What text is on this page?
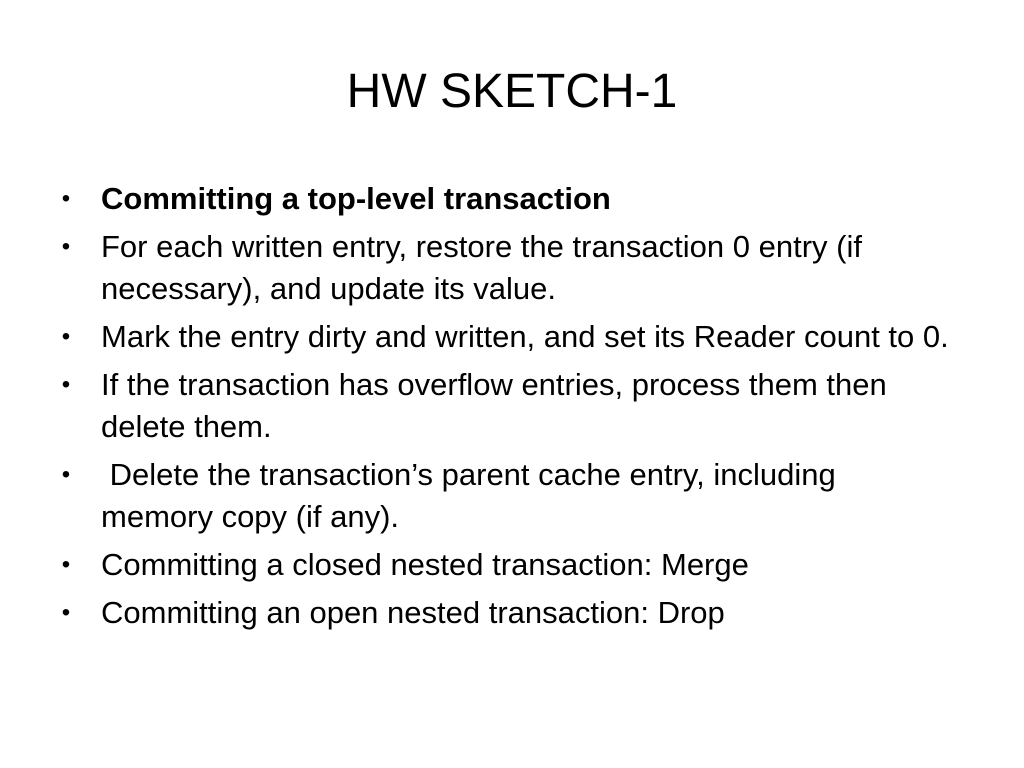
HW SKETCH-1
• Committing a top-level transaction
• For each written entry, restore the transaction 0 entry (if necessary), and update its value.
• Mark the entry dirty and written, and set its Reader count to 0.
• If the transaction has overflow entries, process them then delete them.
• Delete the transaction’s parent cache entry, including memory copy (if any).
• Committing a closed nested transaction: Merge
• Committing an open nested transaction: Drop
